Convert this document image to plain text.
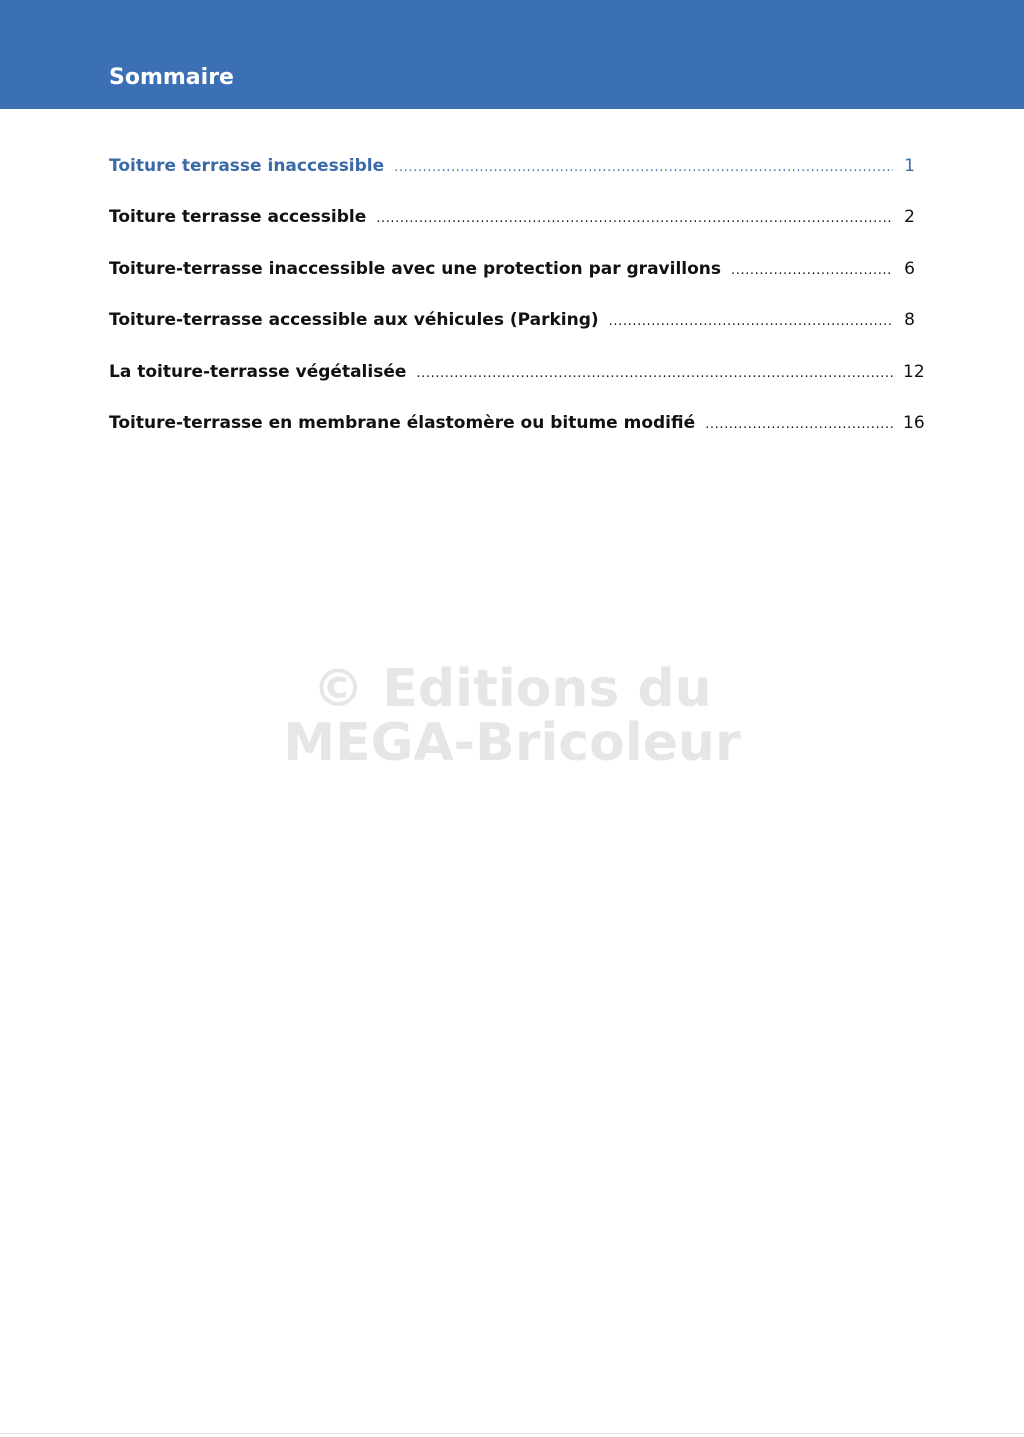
Sommaire
Toiture terrasse inaccessible .....	1
Toiture terrasse accessible .....	2
Toiture-terrasse inaccessible avec une protection par gravillons .....	6
Toiture-terrasse accessible aux véhicules (Parking) .....	8
La toiture-terrasse végétalisée .....	12
Toiture-terrasse en membrane élastomère ou bitume modifié .....	16
© Editions du
MEGA-Bricoleur
